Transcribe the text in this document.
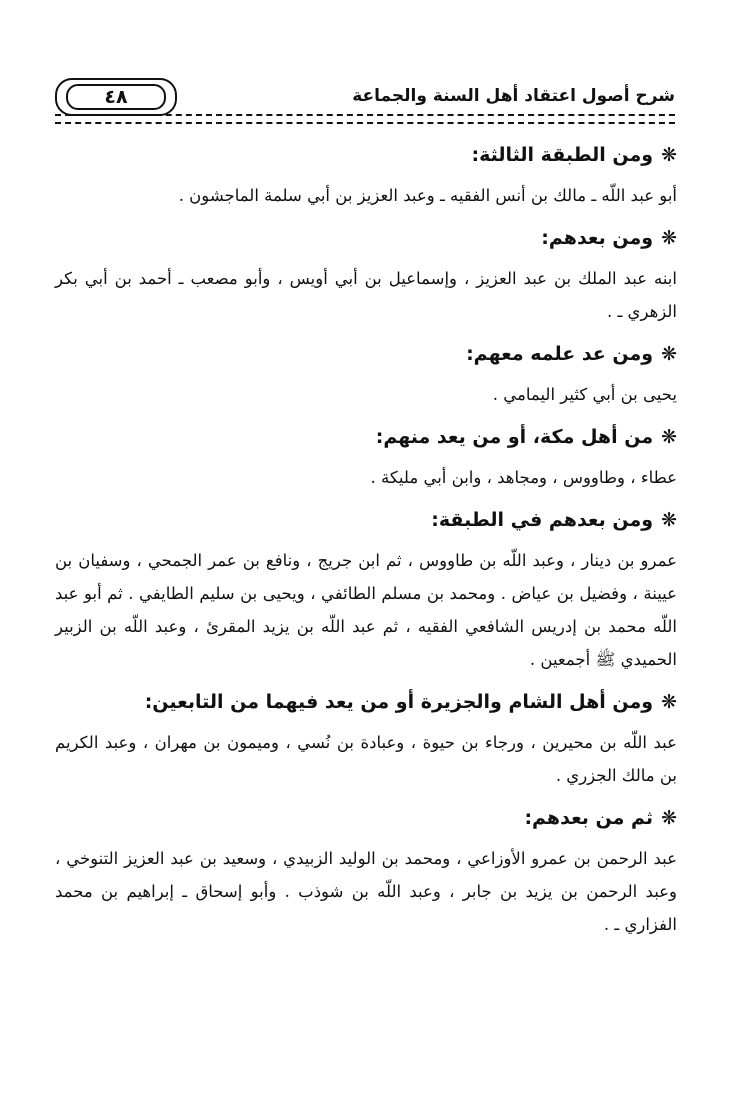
٤٨	شرح أصول اعتقاد أهل السنة والجماعة
❋ومن الطبقة الثالثة:

أبو عبد اللّه ـ مالك بن أنس الفقيه ـ وعبد العزيز بن أبي سلمة الماجشون .

❋ومن بعدهم:

ابنه عبد الملك بن عبد العزيز ، وإسماعيل بن أبي أويس ، وأبو مصعب ـ أحمد بن أبي بكر الزهري ـ .

❋ومن عد علمه معهم:

يحيى بن أبي كثير اليمامي .

❋من أهل مكة، أو من يعد منهم:

عطاء ، وطاووس ، ومجاهد ، وابن أبي مليكة .

❋ومن بعدهم في الطبقة:

عمرو بن دينار ، وعبد اللّه بن طاووس ، ثم ابن جريج ، ونافع بن عمر الجمحي ، وسفيان بن عيينة ، وفضيل بن عياض . ومحمد بن مسلم الطائفي ، ويحيى بن سليم الطايفي . ثم أبو عبد اللّه محمد بن إدريس الشافعي الفقيه ، ثم عبد اللّه بن يزيد المقرئ ، وعبد اللّه بن الزبير الحميدي ﷺ أجمعين .

❋ومن أهل الشام والجزيرة أو من يعد فيهما من التابعين:

عبد اللّه بن محيرين ، ورجاء بن حيوة ، وعبادة بن نُسي ، وميمون بن مهران ، وعبد الكريم بن مالك الجزري .

❋ثم من بعدهم:

عبد الرحمن بن عمرو الأوزاعي ، ومحمد بن الوليد الزبيدي ، وسعيد بن عبد العزيز التنوخي ، وعبد الرحمن بن يزيد بن جابر ، وعبد اللّه بن شوذب . وأبو إسحاق ـ إبراهيم بن محمد الفزاري ـ .
